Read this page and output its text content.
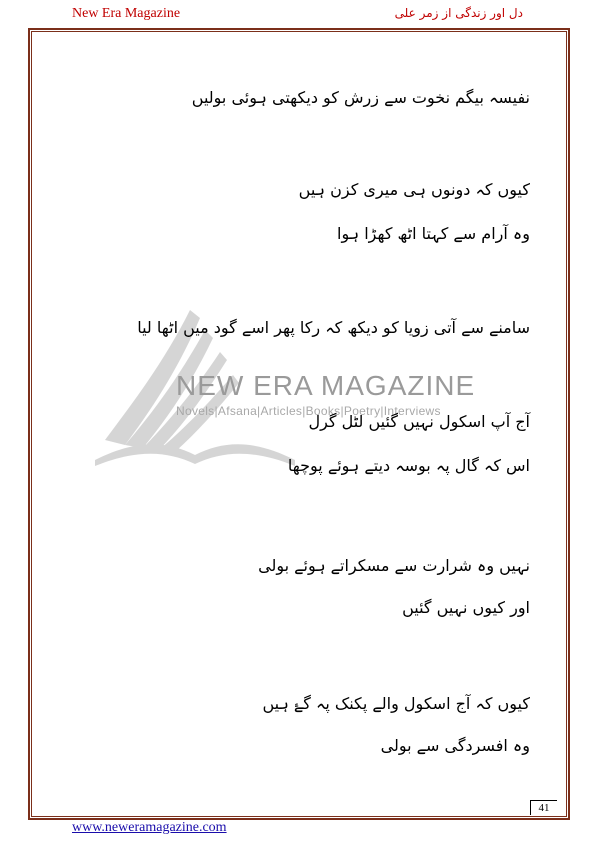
New Era Magazine	دل اور زندگی از زمر علی
NEW ERA MAGAZINE
Novels|Afsana|Articles|Books|Poetry|Interviews
نفیسہ بیگم نخوت سے زرش کو دیکھتی ہوئی بولیں
کیوں کہ دونوں ہی میری کزن ہیں
وہ آرام سے کہتا اٹھ کھڑا ہوا
سامنے سے آتی زویا کو دیکھ کہ رکا پھر اسے گود میں اٹھا لیا
آج آپ اسکول نہیں گئیں لٹل گرل
اس کہ گال پہ بوسہ دیتے ہوئے پوچھا
نہیں وہ شرارت سے مسکراتے ہوئے بولی
اور کیوں نہیں گئیں
کیوں کہ آج اسکول والے پکنک پہ گۓ ہیں
وہ افسردگی سے بولی
41
www.neweramagazine.com
